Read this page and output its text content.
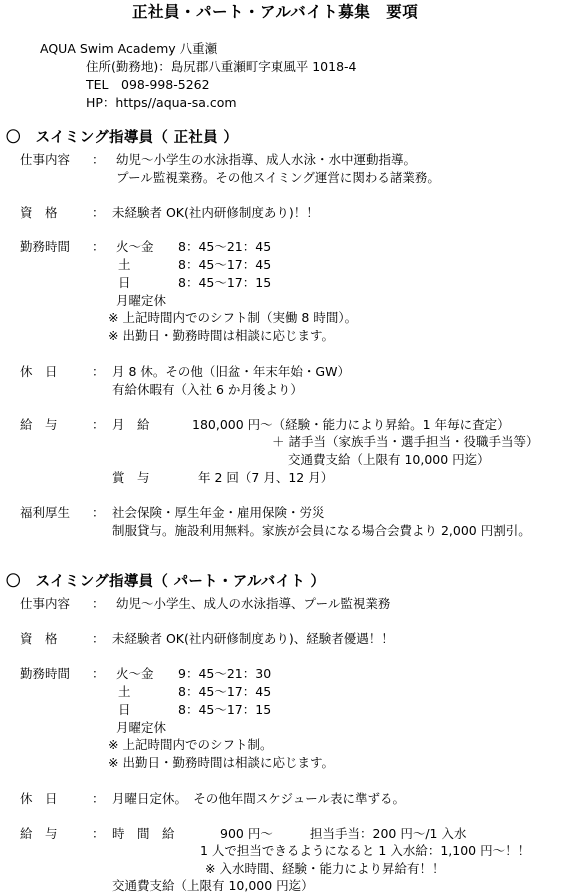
正社員・パート・アルバイト募集　要項
AQUA Swim Academy 八重瀬
住所(勤務地)：島尻郡八重瀬町字東風平 1018-4
TEL　098-998-5262
HP：https//aqua-sa.com
〇　スイミング指導員（ 正社員 ）
仕事内容 ： 幼児～小学生の水泳指導、成人水泳・水中運動指導。
プール監視業務。その他スイミング運営に関わる諸業務。
資　格	： 未経験者 OK(社内研修制度あり)！！
勤務時間 ： 火～金 8：45～21：45
土	8：45～17：45
日	8：45～17：15
月曜定休
※ 上記時間内でのシフト制（実働 8 時間）。
※ 出勤日・勤務時間は相談に応じます。
休　日	： 月 8 休。その他（旧盆・年末年始・GW）
有給休暇有（入社 6 か月後より）
給　与	： 月　給	180,000 円～（経験・能力により昇給。1 年毎に査定）
＋ 諸手当（家族手当・選手担当・役職手当等）
交通費支給（上限有 10,000 円迄）
賞　与	年 2 回（7 月、12 月）
福利厚生 ： 社会保険・厚生年金・雇用保険・労災
制服貸与。施設利用無料。家族が会員になる場合会費より 2,000 円割引。
〇　スイミング指導員（ パート・アルバイト ）
仕事内容 ： 幼児～小学生、成人の水泳指導、プール監視業務
資　格	： 未経験者 OK(社内研修制度あり)、経験者優遇！！
勤務時間 ： 火～金 9：45～21：30
土	8：45～17：45
日	8：45～17：15
月曜定休
※ 上記時間内でのシフト制。
※ 出勤日・勤務時間は相談に応じます。
休　日	： 月曜日定休。　その他年間スケジュール表に準ずる。
給　与	： 時　間　給	900 円～	担当手当：200 円～/1 入水
1 人で担当できるようになると 1 入水給：1,100 円～！！
※ 入水時間、経験・能力により昇給有！！
交通費支給（上限有 10,000 円迄）
